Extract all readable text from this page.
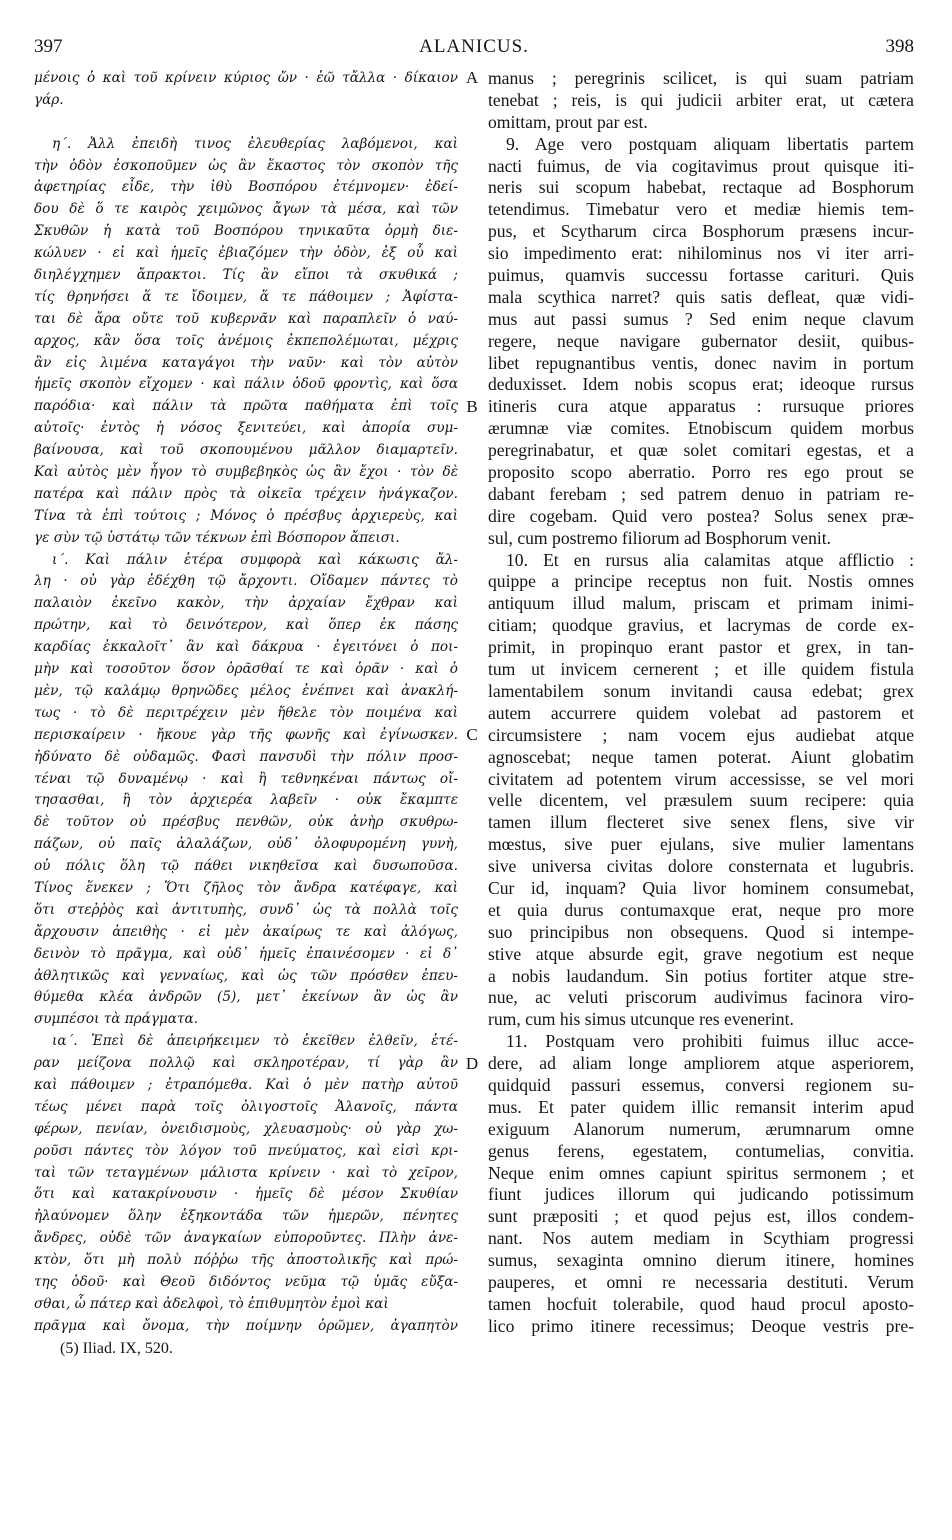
397	ALANICUS.	398
μένοις ὁ καὶ τοῦ κρίνειν κύριος ὤν · ἐῶ τἄλλα · δίκαιον
γάρ.
η΄. Ἀλλ ἐπειδὴ τινος ἐλευθερίας λαβόμενοι, καὶ
τὴν ὁδὸν ἐσκοποῦμεν ὡς ἂν ἕκαστος τὸν σκοπὸν τῆς
ἀφετηρίας εἶδε, τὴν ἰθὺ Βοσπόρου ἐτέμνομεν· ἐδεί-
δου δὲ ὅ τε καιρὸς χειμῶνος ἄγων τὰ μέσα, καὶ τῶν
Σκυθῶν ἡ κατὰ τοῦ Βοσπόρου τηνικαῦτα ὁρμὴ διε-
κώλυεν · εἰ καὶ ἡμεῖς ἐβιαζόμεν τὴν ὁδὸν, ἐξ οὗ καὶ
διηλέγχημεν ἄπρακτοι. Τίς ἂν εἴποι τὰ σκυθικά ;
τίς θρηνήσει ἅ τε ἴδοιμεν, ἅ τε πάθοιμεν ; Ἀφίστα-
ται δὲ ἄρα οὔτε τοῦ κυβερνᾶν καὶ παραπλεῖν ὁ ναύ-
αρχος, κἂν ὅσα τοῖς ἀνέμοις ἐκπεπολέμωται, μέχρις
ἂν εἰς λιμένα καταγάγοι τὴν ναῦν· καὶ τὸν αὐτὸν
ἡμεῖς σκοπὸν εἴχομεν · καὶ πάλιν ὁδοῦ φροντὶς, καὶ ὅσα
παρόδια· καὶ πάλιν τὰ πρῶτα παθήματα ἐπὶ τοῖς
αὐτοῖς· ἐντὸς ἡ νόσος ξενιτεύει, καὶ ἀπορία συμ-
βαίνουσα, καὶ τοῦ σκοπουμένου μᾶλλον διαμαρτεῖν.
Καὶ αὐτὸς μὲν ἦγον τὸ συμβεβηκὸς ὡς ἂν ἔχοι · τὸν δὲ
πατέρα καὶ πάλιν πρὸς τὰ οἰκεῖα τρέχειν ἠνάγκαζον.
Τίνα τὰ ἐπὶ τούτοις ; Μόνος ὁ πρέσβυς ἀρχιερεὺς, καὶ
γε σὺν τῷ ὑστάτῳ τῶν τέκνων ἐπὶ Βόσπορον ἄπεισι.
ι΄. Καὶ πάλιν ἑτέρα συμφορὰ καὶ κάκωσις ἄλ-
λη · οὐ γὰρ ἐδέχθη τῷ ἄρχοντι. Οἴδαμεν πάντες τὸ
παλαιὸν ἐκεῖνο κακὸν, τὴν ἀρχαίαν ἔχθραν καὶ
πρώτην, καὶ τὸ δεινότερον, καὶ ὅπερ ἐκ πάσης
καρδίας ἐκκαλοῖτ᾽ ἂν καὶ δάκρυα · ἐγειτόνει ὁ ποι-
μὴν καὶ τοσοῦτον ὅσον ὁρᾶσθαί τε καὶ ὁρᾶν · καὶ ὁ
μὲν, τῷ καλάμῳ θρηνῶδες μέλος ἐνέπνει καὶ ἀνακλή-
τως · τὸ δὲ περιτρέχειν μὲν ἤθελε τὸν ποιμένα καὶ
περισκαίρειν · ἤκουε γὰρ τῆς φωνῆς καὶ ἐγίνωσκεν.
ἠδύνατο δὲ οὐδαμῶς. Φασὶ πανσυδὶ τὴν πόλιν προσ-
τέναι τῷ δυναμένῳ · καὶ ἢ τεθνηκέναι πάντως οἴ-
τησασθαι, ἢ τὸν ἀρχιερέα λαβεῖν · οὐκ ἔκαμπτε
δὲ τοῦτον οὐ πρέσβυς πενθῶν, οὐκ ἀνὴρ σκυθρω-
πάζων, οὐ παῖς ἀλαλάζων, οὐδ᾽ ὀλοφυρομένη γυνὴ,
οὐ πόλις ὅλη τῷ πάθει νικηθεῖσα καὶ δυσωποῦσα.
Τίνος ἕνεκεν ; Ὅτι ζῆλος τὸν ἄνδρα κατέφαγε, καὶ
ὅτι στεῤῥὸς καὶ ἀντιτυπὴς, συνδ᾽ ὡς τὰ πολλὰ τοῖς
ἄρχουσιν ἀπειθὴς · εἰ μὲν ἀκαίρως τε καὶ ἀλόγως,
δεινὸν τὸ πρᾶγμα, καὶ οὐδ᾽ ἡμεῖς ἐπαινέσομεν · εἰ δ᾽
ἀθλητικῶς καὶ γενναίως, καὶ ὡς τῶν πρόσθεν ἐπευ-
θύμεθα κλέα ἀνδρῶν (5), μετ᾽ ἐκείνων ἂν ὡς ἂν
συμπέσοι τὰ πράγματα.
ια΄. Ἐπεὶ δὲ ἀπειρήκειμεν τὸ ἐκεῖθεν ἐλθεῖν, ἑτέ-
ραν μείζονα πολλῷ καὶ σκληροτέραν, τί γὰρ ἂν
καὶ πάθοιμεν ; ἐτραπόμεθα. Καὶ ὁ μὲν πατὴρ αὐτοῦ
τέως μένει παρὰ τοῖς ὀλιγοστοῖς Ἀλανοῖς, πάντα
φέρων, πενίαν, ὀνειδισμοὺς, χλευασμοὺς· οὐ γὰρ χω-
ροῦσι πάντες τὸν λόγον τοῦ πνεύματος, καὶ εἰσὶ κρι-
ταὶ τῶν τεταγμένων μάλιστα κρίνειν · καὶ τὸ χεῖρον,
ὅτι καὶ κατακρίνουσιν · ἡμεῖς δὲ μέσον Σκυθίαν
ἠλαύνομεν ὅλην ἑξηκοντάδα τῶν ἡμερῶν, πένητες
ἄνδρες, οὐδὲ τῶν ἀναγκαίων εὐποροῦντες. Πλὴν ἀνε-
κτὸν, ὅτι μὴ πολὺ πόῤῥω τῆς ἀποστολικῆς καὶ πρώ-
της ὁδοῦ· καὶ Θεοῦ διδόντος νεῦμα τῷ ὑμᾶς εὔξα-
σθαι, ὦ πάτερ καὶ ἀδελφοὶ, τὸ ἐπιθυμητὸν ἐμοὶ καὶ
πρᾶγμα καὶ ὄνομα, τὴν ποίμνην ὁρῶμεν, ἀγαπητὸν
(5) Iliad. IX, 520.
A
B
C
D
manus ; peregrinis scilicet, is qui suam patriam
tenebat ; reis, is qui judicii arbiter erat, ut cætera
omittam, prout par est.
9. Age vero postquam aliquam libertatis partem
nacti fuimus, de via cogitavimus prout quisque iti-
neris sui scopum habebat, rectaque ad Bosphorum
tetendimus. Timebatur vero et mediæ hiemis tem-
pus, et Scytharum circa Bosphorum præsens incur-
sio impedimento erat: nihilominus nos vi iter arri-
puimus, quamvis successu fortasse cariturі. Quis
mala scythica narret? quis satis defleat, quæ vidi-
mus aut passi sumus ? Sed enim neque clavum
regere, neque navigare gubernator desiit, quibus-
libet repugnantibus ventis, donec navim in portum
deduxisset. Idem nobis scopus erat; ideoque rursus
itineris cura atque apparatus : rursuque priores
ærumnæ viæ comites. Etnobiscum quidem morbus
peregrinabatur, et quæ solet comitari egestas, et a
proposito scopo aberratio. Porro res ego prout se
dabant ferebam ; sed patrem denuo in patriam re-
dire cogebam. Quid vero postea? Solus senex præ-
sul, cum postremo filiorum ad Bosphorum venit.
10. Et en rursus alia calamitas atque afflictio :
quippe a principe receptus non fuit. Nostis omnes
antiquum illud malum, priscam et primam inimi-
citiam; quodque gravius, et lacrymas de corde ex-
primit, in propinquo erant pastor et grex, in tan-
tum ut invicem cernerent ; et ille quidem fistula
lamentabilem sonum invitandi causa edebat; grex
autem accurrere quidem volebat ad pastorem et
circumsistere ; nam vocem ejus audiebat atque
agnoscebat; neque tamen poterat. Aiunt globatim
civitatem ad potentem virum accessisse, se vel mori
velle dicentem, vel præsulem suum recipere: quia
tamen illum flecteret sive senex flens, sive vir
mœstus, sive puer ejulans, sive mulier lamentans
sive universa civitas dolore consternata et lugubris.
Cur id, inquam? Quia livor hominem consumebat,
et quia durus contumaxque erat, neque pro more
suo principibus non obsequens. Quod si intempe-
stive atque absurde egit, grave negotium est neque
a nobis laudandum. Sin potius fortiter atque stre-
nue, ac veluti priscorum audivimus facinora viro-
rum, cum his simus utcunque res evenerint.
11. Postquam vero prohibiti fuimus illuc acce-
dere, ad aliam longe ampliorem atque asperiorem,
quidquid passuri essemus, conversi regionem su-
mus. Et pater quidem illic remansit interim apud
exiguum Alanorum numerum, ærumnarum omne
genus ferens, egestatem, contumelias, convitia.
Neque enim omnes capiunt spiritus sermonem ; et
fiunt judices illorum qui judicando potissimum
sunt præpositi ; et quod pejus est, illos condem-
nant. Nos autem mediam in Scythiam progressi
sumus, sexaginta omnino dierum itinere, homines
pauperes, et omni re necessaria destituti. Verum
tamen hocfuit tolerabile, quod haud procul aposto-
lico primo itinere recessimus; Deoque vestris pre-
